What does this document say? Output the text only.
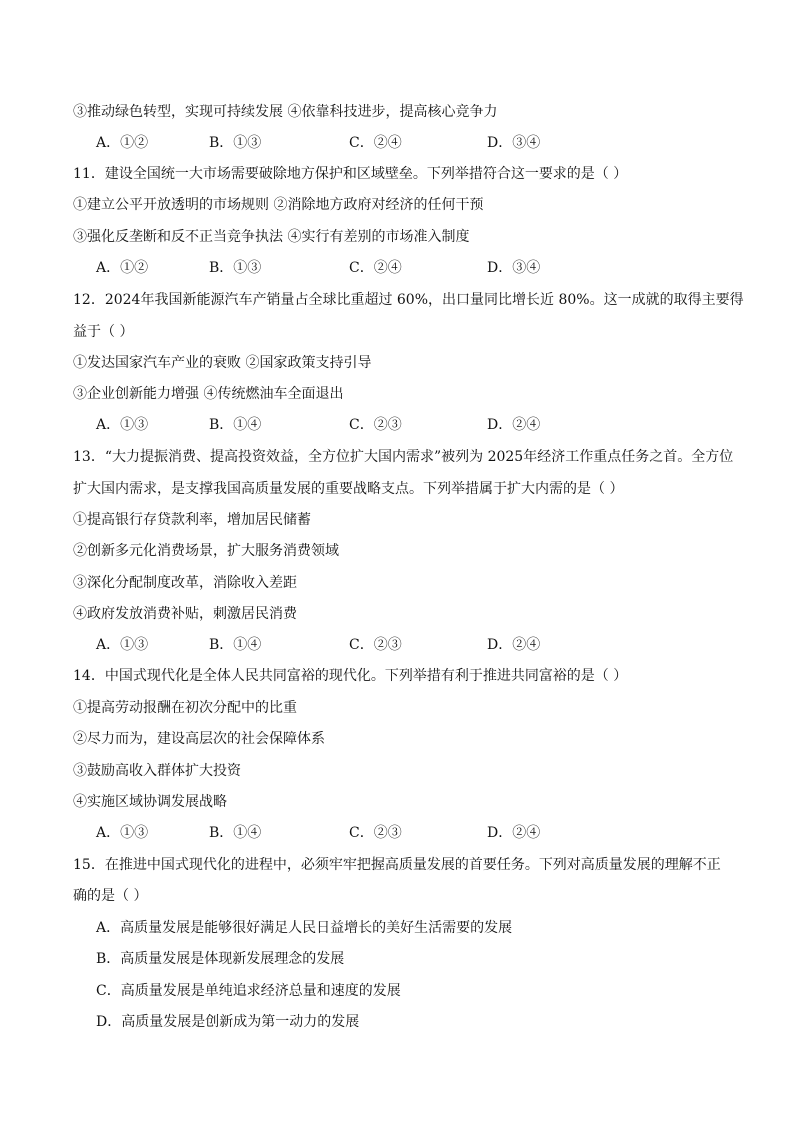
③推动绿色转型，实现可持续发展 ④依靠科技进步，提高核心竞争力
A．①②	B．①③	C．②④	D．③④
11．建设全国统一大市场需要破除地方保护和区域壁垒。下列举措符合这一要求的是（ ）
①建立公平开放透明的市场规则 ②消除地方政府对经济的任何干预
③强化反垄断和反不正当竞争执法 ④实行有差别的市场准入制度
A．①②	B．①③	C．②④	D．③④
12．2024年我国新能源汽车产销量占全球比重超过 60%，出口量同比增长近 80%。这一成就的取得主要得
益于（ ）
①发达国家汽车产业的衰败 ②国家政策支持引导
③企业创新能力增强 ④传统燃油车全面退出
A．①③	B．①④	C．②③	D．②④
13．“大力提振消费、提高投资效益，全方位扩大国内需求”被列为 2025年经济工作重点任务之首。全方位
扩大国内需求，是支撑我国高质量发展的重要战略支点。下列举措属于扩大内需的是（ ）
①提高银行存贷款利率，增加居民储蓄
②创新多元化消费场景，扩大服务消费领域
③深化分配制度改革，消除收入差距
④政府发放消费补贴，刺激居民消费
A．①③	B．①④	C．②③	D．②④
14．中国式现代化是全体人民共同富裕的现代化。下列举措有利于推进共同富裕的是（ ）
①提高劳动报酬在初次分配中的比重
②尽力而为，建设高层次的社会保障体系
③鼓励高收入群体扩大投资
④实施区域协调发展战略
A．①③	B．①④	C．②③	D．②④
15．在推进中国式现代化的进程中，必须牢牢把握高质量发展的首要任务。下列对高质量发展的理解不正
确的是（ ）
A．高质量发展是能够很好满足人民日益增长的美好生活需要的发展
B．高质量发展是体现新发展理念的发展
C．高质量发展是单纯追求经济总量和速度的发展
D．高质量发展是创新成为第一动力的发展
